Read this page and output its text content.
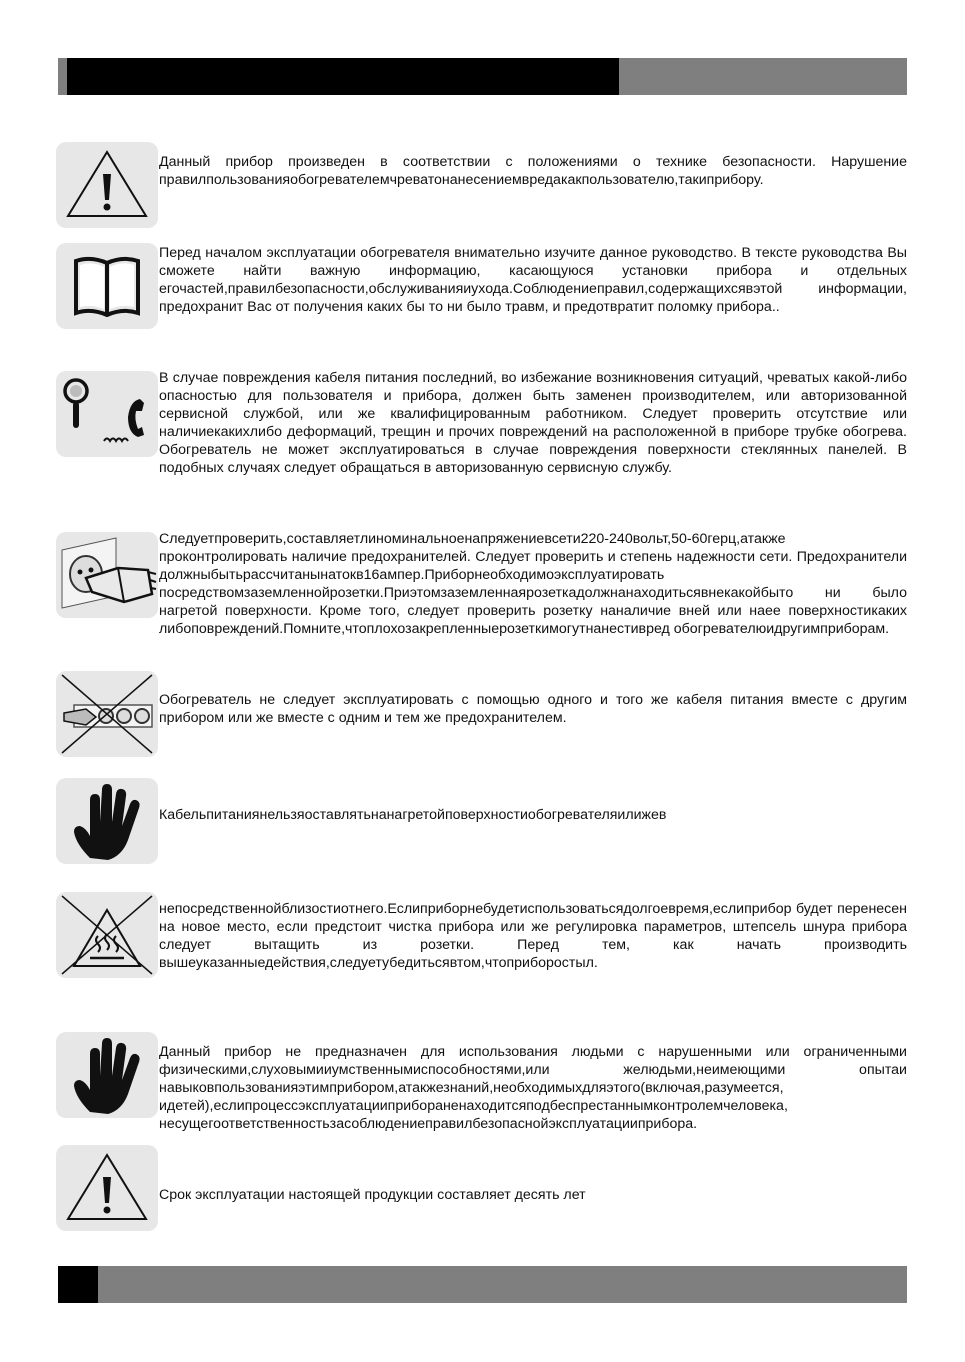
Данный прибор произведен в соответствии с положениями о технике безопасности. Нарушение правилпользованияобогревателемчреватонанесениемвредакакпользователю,такиприбору.

Перед началом эксплуатации обогревателя внимательно изучите данное руководство. В тексте руководства Вы сможете найти важную информацию, касающуюся установки прибора и отдельных егочастей,правилбезопасности,обслуживанияиухода.Соблюдениеправил,содержащихсявэтой информации, предохранит Вас от получения каких бы то ни было травм, и предотвратит поломку прибора..

В случае повреждения кабеля питания последний, во избежание возникновения ситуаций, чреватых какой-либо опасностью для пользователя и прибора, должен быть заменен производителем, или авторизованной сервисной службой, или же квалифицированным работником. Следует проверить отсутствие или наличиекакихлибо деформаций, трещин и прочих повреждений на расположенной в приборе трубке обогрева. Обогреватель не может эксплуатироваться в случае повреждения поверхности стеклянных панелей. В подобных случаях следует обращаться в авторизованную сервисную службу.

Следуетпроверить,составляетлиноминальноенапряжениевсети220-240вольт,50-60герц,атакже проконтролировать наличие предохранителей. Следует проверить и степень надежности сети. Предохранители должныбытьрассчитанынатокв16ампер.Приборнеобходимоэксплуатировать посредствомзаземленнойрозетки.Приэтомзаземленнаярозеткадолжнанаходитьсявнекакойбыто ни было нагретой поверхности. Кроме того, следует проверить розетку наналичие вней или наее поверхностикаких либоповреждений.Помните,чтоплохозакрепленныерозеткимогутнанестивред обогревателюидругимприборам.

Обогреватель не следует эксплуатировать с помощью одного и того же кабеля питания вместе с другим прибором или же вместе с одним и тем же предохранителем.

Кабельпитаниянельзяоставлятьнанагретойповерхностиобогревателяилижев

непосредственнойблизостиотнего.Еслиприборнебудетиспользоватьсядолгоевремя,еслиприбор будет перенесен на новое место, если предстоит чистка прибора или же регулировка параметров, штепсель шнура прибора следует вытащить из розетки. Перед тем, как начать производить вышеуказанныедействия,следуетубедитьсявтом,чтоприборостыл.

Данный прибор не предназначен для использования людьми с нарушенными или ограниченными физическими,слуховымииумственнымиспособностями,или желюдьми,неимеющими опытаи навыковпользованияэтимприбором,атакжезнаний,необходимыхдляэтого(включая,разумеется, идетей),еслипроцессэксплуатацииприбораненаходитсяподбеспрестаннымконтролемчеловека, несущегоответственностьзасоблюдениеправилбезопаснойэксплуатацииприбора.

Срок эксплуатации настоящей продукции составляет десять лет
